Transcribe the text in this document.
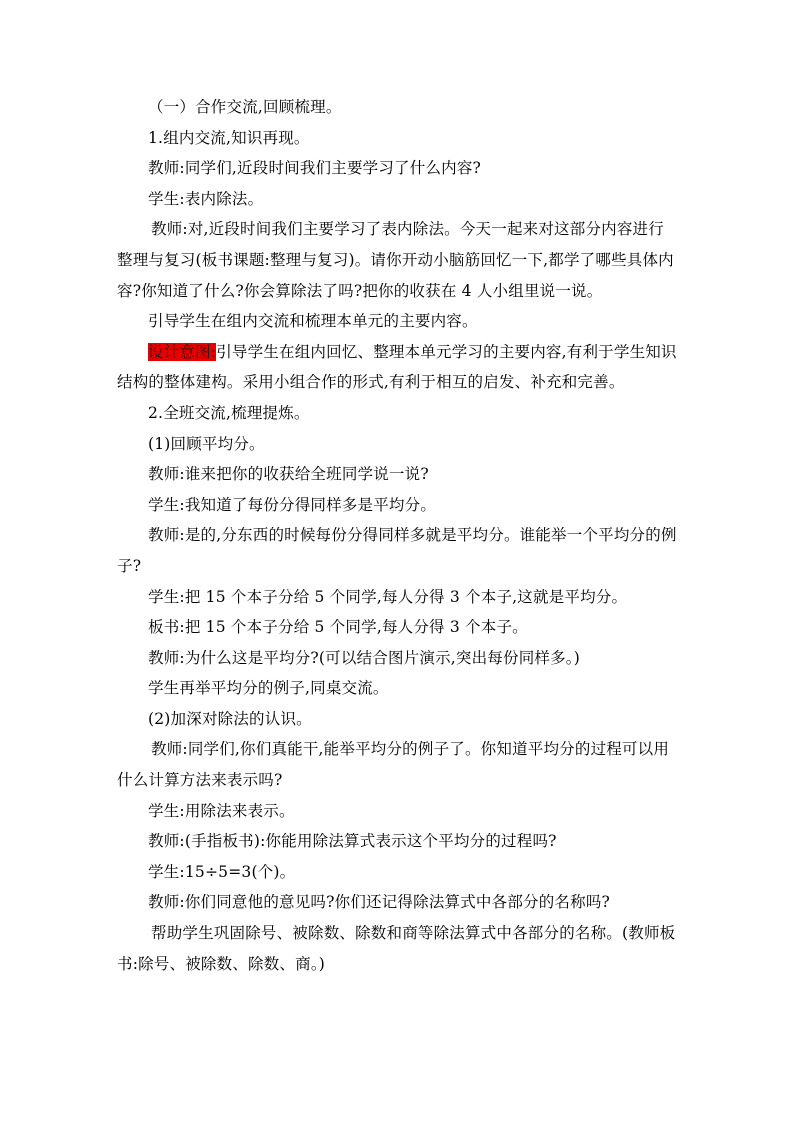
（一）合作交流,回顾梳理。

1.组内交流,知识再现。

教师:同学们,近段时间我们主要学习了什么内容?

学生:表内除法。

教师:对,近段时间我们主要学习了表内除法。今天一起来对这部分内容进行整理与复习(板书课题:整理与复习)。请你开动小脑筋回忆一下,都学了哪些具体内容?你知道了什么?你会算除法了吗?把你的收获在 4 人小组里说一说。

引导学生在组内交流和梳理本单元的主要内容。

设计意图:引导学生在组内回忆、整理本单元学习的主要内容,有利于学生知识结构的整体建构。采用小组合作的形式,有利于相互的启发、补充和完善。

2.全班交流,梳理提炼。

(1)回顾平均分。

教师:谁来把你的收获给全班同学说一说?

学生:我知道了每份分得同样多是平均分。

教师:是的,分东西的时候每份分得同样多就是平均分。谁能举一个平均分的例子?

学生:把 15 个本子分给 5 个同学,每人分得 3 个本子,这就是平均分。

板书:把 15 个本子分给 5 个同学,每人分得 3 个本子。

教师:为什么这是平均分?(可以结合图片演示,突出每份同样多。)

学生再举平均分的例子,同桌交流。

(2)加深对除法的认识。

教师:同学们,你们真能干,能举平均分的例子了。你知道平均分的过程可以用什么计算方法来表示吗?

学生:用除法来表示。

教师:(手指板书):你能用除法算式表示这个平均分的过程吗?

学生:15÷5=3(个)。

教师:你们同意他的意见吗?你们还记得除法算式中各部分的名称吗?

帮助学生巩固除号、被除数、除数和商等除法算式中各部分的名称。(教师板书:除号、被除数、除数、商。)
